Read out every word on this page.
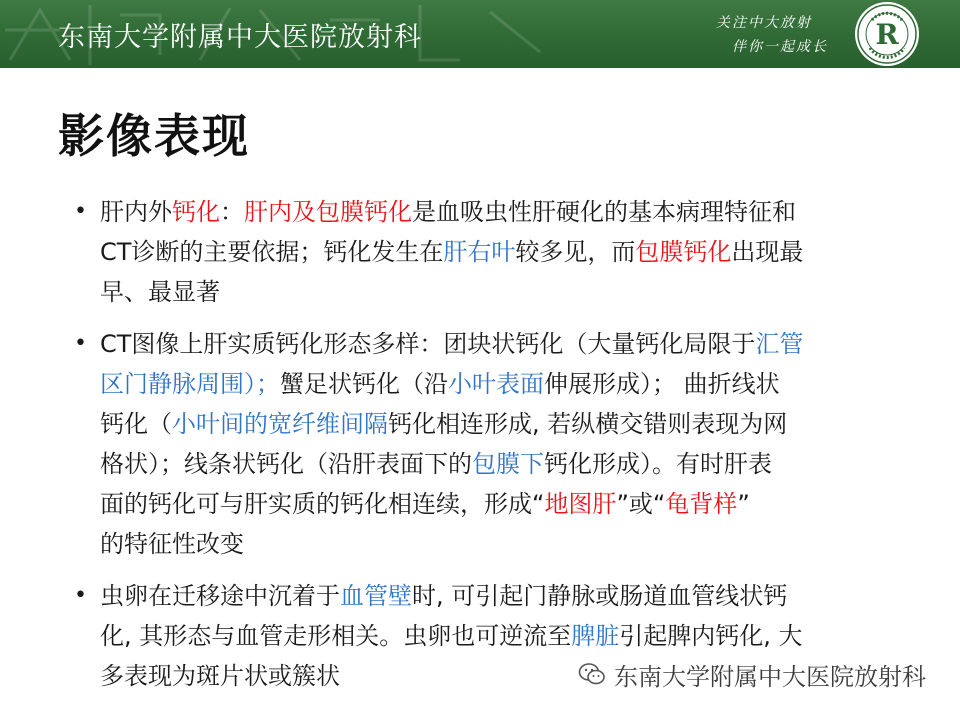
东南大学附属中大医院放射科	关注中大放射
伴你一起成长 R
影像表现
• 肝内外钙化：肝内及包膜钙化是血吸虫性肝硬化的基本病理特征和
CT诊断的主要依据；钙化发生在肝右叶较多见，而包膜钙化出现最
早、最显著
• CT图像上肝实质钙化形态多样：团块状钙化（大量钙化局限于汇管
区门静脉周围）；蟹足状钙化（沿小叶表面伸展形成）； 曲折线状
钙化（小叶间的宽纤维间隔钙化相连形成, 若纵横交错则表现为网
格状）；线条状钙化（沿肝表面下的包膜下钙化形成）。有时肝表
面的钙化可与肝实质的钙化相连续，形成“地图肝”或“龟背样”
的特征性改变
• 虫卵在迁移途中沉着于血管壁时, 可引起门静脉或肠道血管线状钙
化, 其形态与血管走形相关。虫卵也可逆流至脾脏引起脾内钙化, 大
多表现为斑片状或簇状	东南大学附属中大医院放射科
